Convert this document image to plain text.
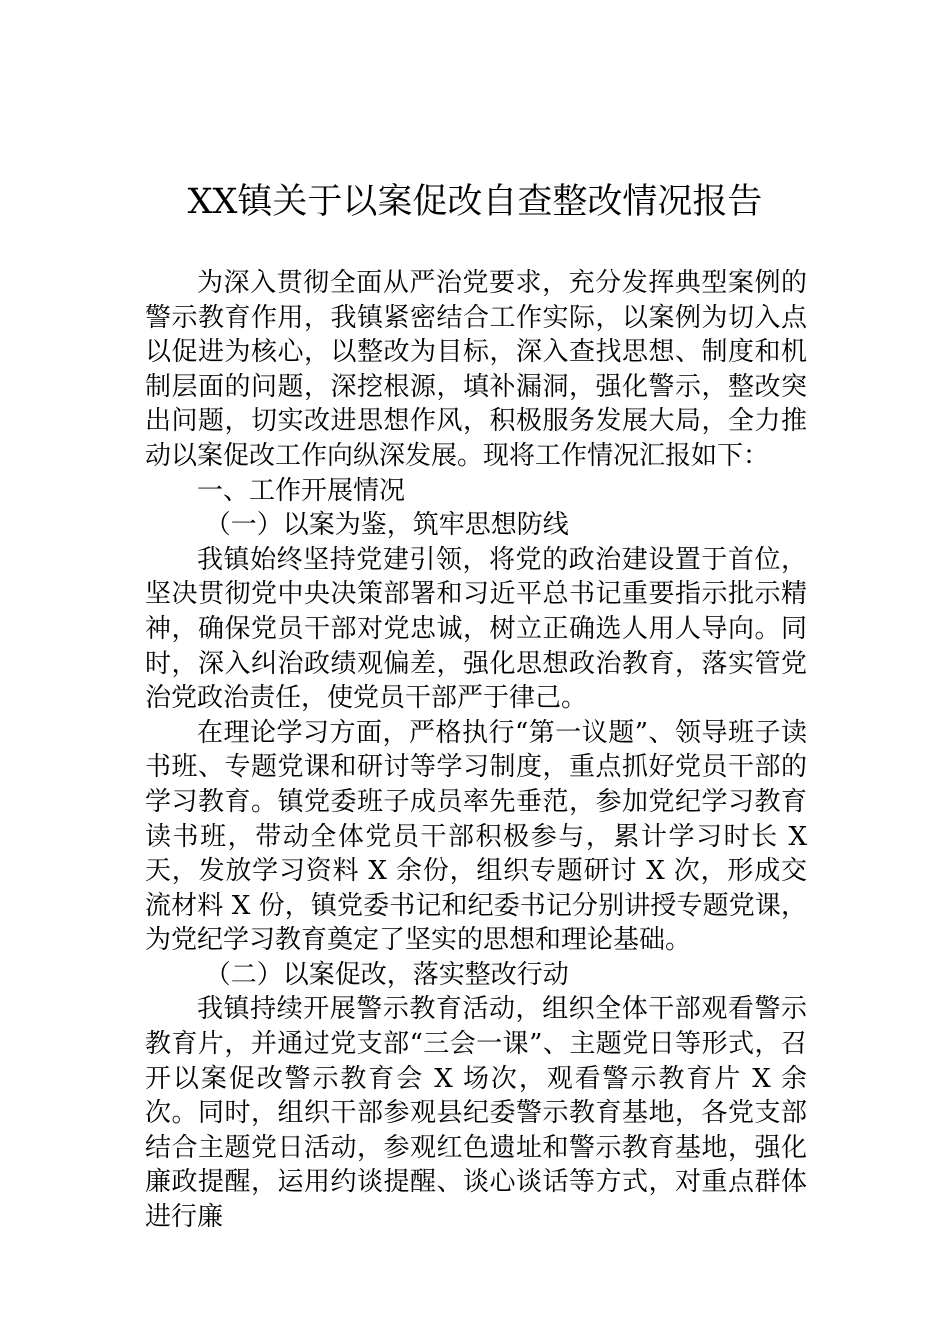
XX镇关于以案促改自查整改情况报告

为深入贯彻全面从严治党要求，充分发挥典型案例的警示教育作用，我镇紧密结合工作实际，以案例为切入点以促进为核心，以整改为目标，深入查找思想、制度和机制层面的问题，深挖根源，填补漏洞，强化警示，整改突出问题，切实改进思想作风，积极服务发展大局，全力推动以案促改工作向纵深发展。现将工作情况汇报如下：

一、工作开展情况

（一）以案为鉴，筑牢思想防线

我镇始终坚持党建引领，将党的政治建设置于首位，坚决贯彻党中央决策部署和习近平总书记重要指示批示精神，确保党员干部对党忠诚，树立正确选人用人导向。同时，深入纠治政绩观偏差，强化思想政治教育，落实管党治党政治责任，使党员干部严于律己。

在理论学习方面，严格执行“第一议题”、领导班子读书班、专题党课和研讨等学习制度，重点抓好党员干部的学习教育。镇党委班子成员率先垂范，参加党纪学习教育读书班，带动全体党员干部积极参与，累计学习时长 X 天，发放学习资料 X 余份，组织专题研讨 X 次，形成交流材料 X 份，镇党委书记和纪委书记分别讲授专题党课，为党纪学习教育奠定了坚实的思想和理论基础。

（二）以案促改，落实整改行动

我镇持续开展警示教育活动，组织全体干部观看警示教育片，并通过党支部“三会一课”、主题党日等形式，召开以案促改警示教育会 X 场次，观看警示教育片 X 余次。同时，组织干部参观县纪委警示教育基地，各党支部结合主题党日活动，参观红色遗址和警示教育基地，强化廉政提醒，运用约谈提醒、谈心谈话等方式，对重点群体进行廉
